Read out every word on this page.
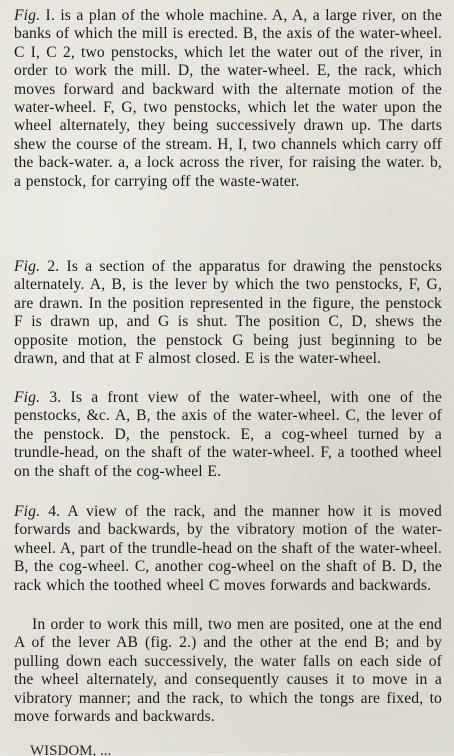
Fig. I. is a plan of the whole machine. A, A, a large river, on the banks of which the mill is erected. B, the axis of the water-wheel. C I, C 2, two penstocks, which let the water out of the river, in order to work the mill. D, the water-wheel. E, the rack, which moves forward and backward with the alternate motion of the water-wheel. F, G, two penstocks, which let the water upon the wheel alternately, they being successively drawn up. The darts shew the course of the stream. H, I, two channels which carry off the back-water. a, a lock across the river, for raising the water. b, a penstock, for carrying off the waste-water.
Fig. 2. Is a section of the apparatus for drawing the penstocks alternately. A, B, is the lever by which the two penstocks, F, G, are drawn. In the position represented in the figure, the penstock F is drawn up, and G is shut. The position C, D, shews the opposite motion, the penstock G being just beginning to be drawn, and that at F almost closed. E is the water-wheel.
Fig. 3. Is a front view of the water-wheel, with one of the penstocks, &c. A, B, the axis of the water-wheel. C, the lever of the penstock. D, the penstock. E, a cog-wheel turned by a trundle-head, on the shaft of the water-wheel. F, a toothed wheel on the shaft of the cog-wheel E.
Fig. 4. A view of the rack, and the manner how it is moved forwards and backwards, by the vibratory motion of the water-wheel. A, part of the trundle-head on the shaft of the water-wheel. B, the cog-wheel. C, another cog-wheel on the shaft of B. D, the rack which the toothed wheel C moves forwards and backwards.
In order to work this mill, two men are posited, one at the end A of the lever AB (fig. 2.) and the other at the end B; and by pulling down each successively, the water falls on each side of the wheel alternately, and consequently causes it to move in a vibratory manner; and the rack, to which the tongs are fixed, to move forwards and backwards.
WISDOM, ...
